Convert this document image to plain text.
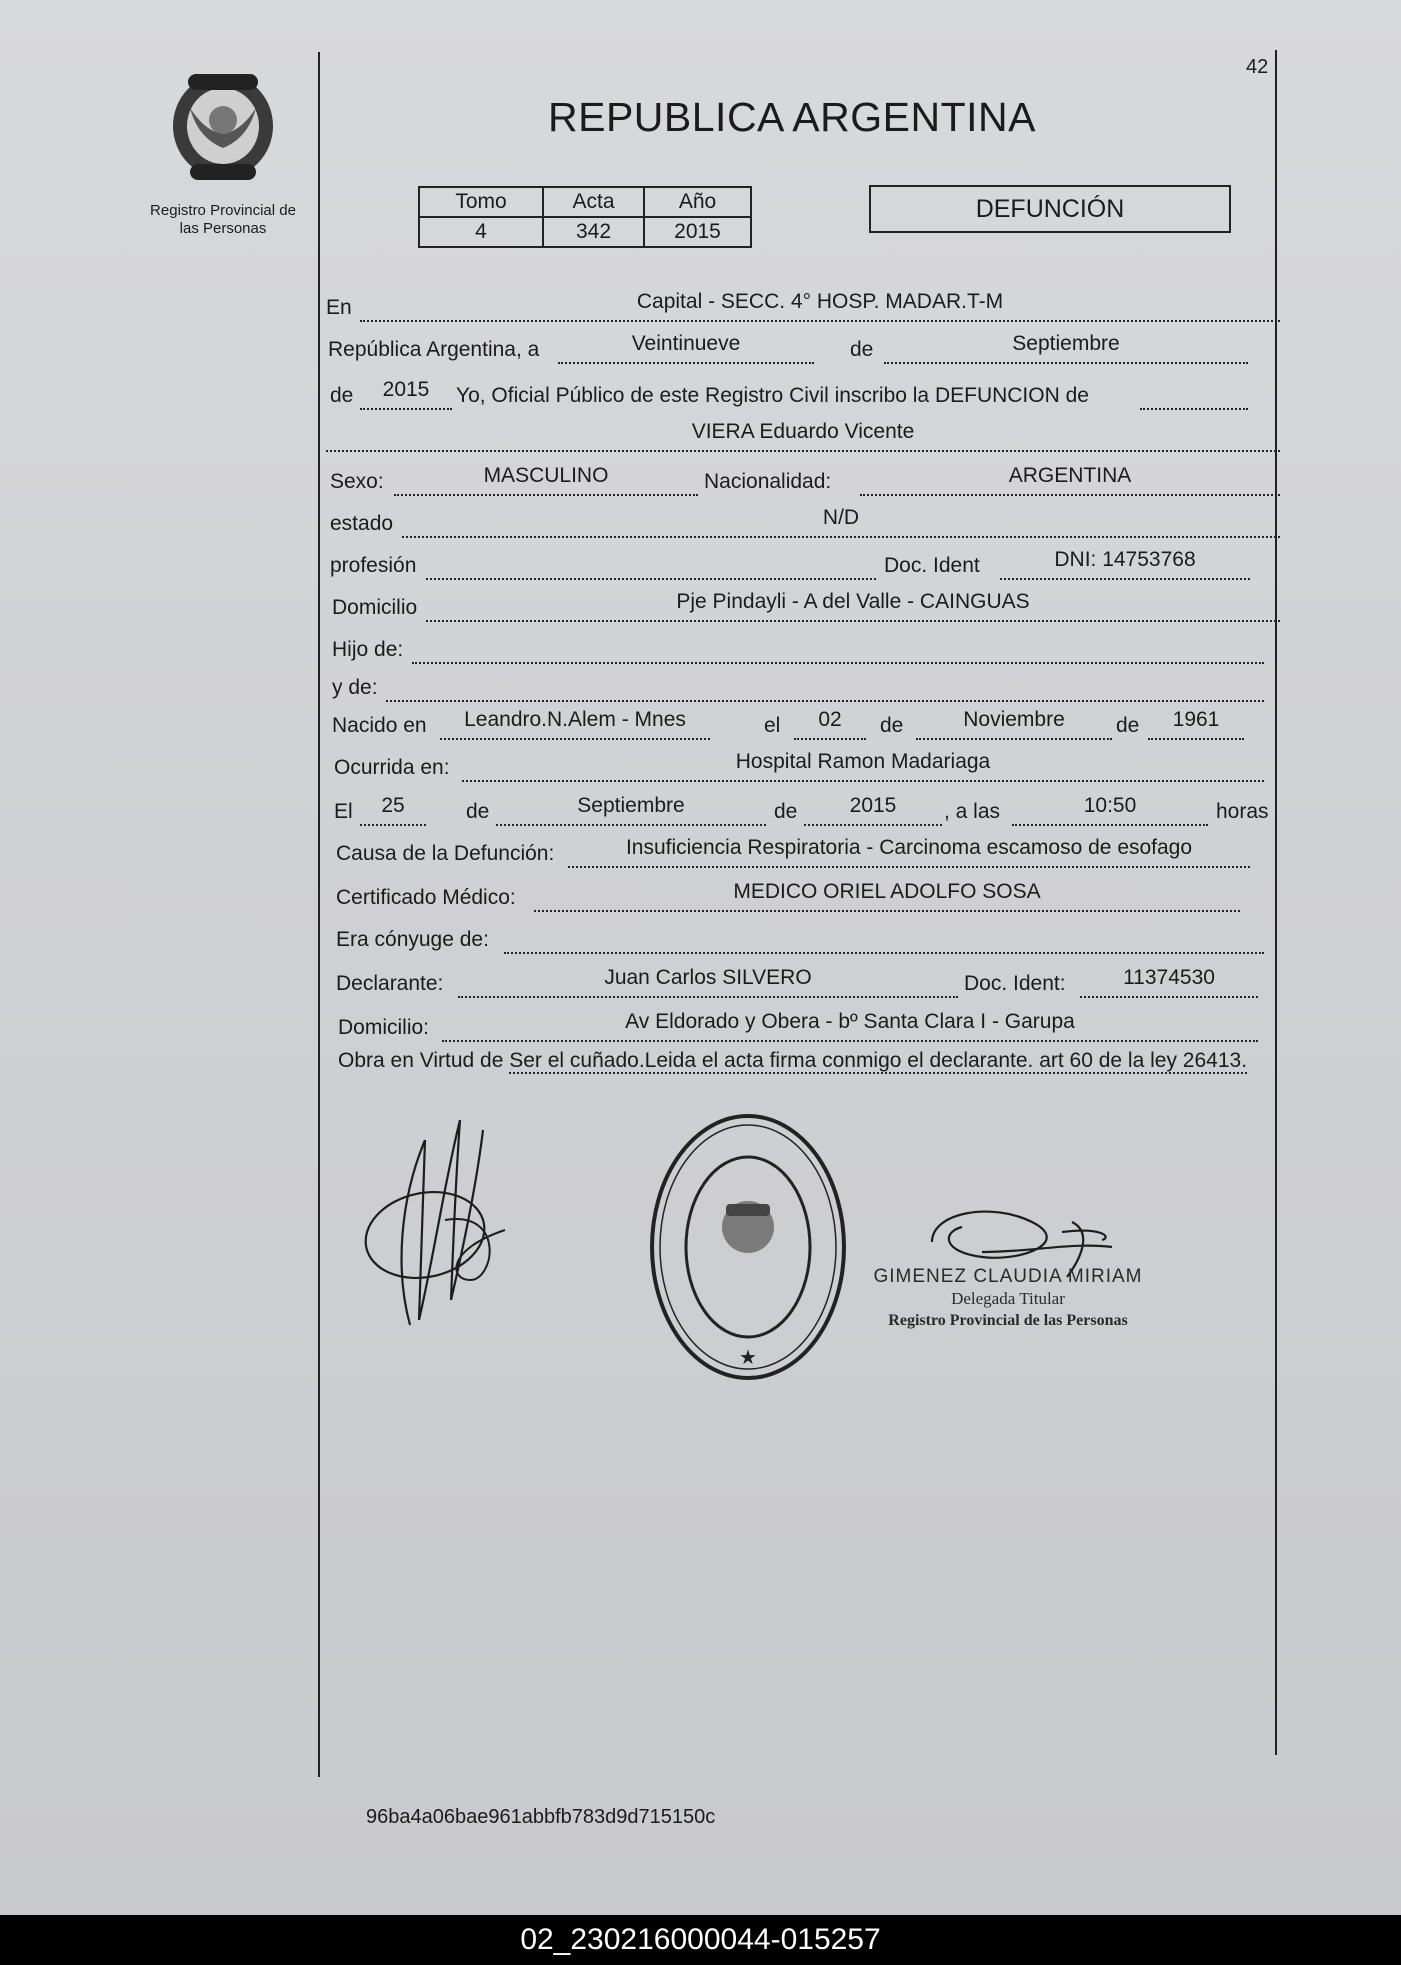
Registro Provincial de
las Personas
42
REPUBLICA ARGENTINA
Tomo	Acta	Año
4	342	2015
DEFUNCIÓN
En	Capital - SECC. 4° HOSP. MADAR.T-M
República Argentina, a	Veintinueve	de	Septiembre
de	2015	Yo, Oficial Público de este Registro Civil inscribo la DEFUNCION de
VIERA Eduardo Vicente
Sexo:	MASCULINO	Nacionalidad:	ARGENTINA
estado	N/D
profesión	Doc. Ident	DNI: 14753768
Domicilio	Pje Pindayli - A del Valle - CAINGUAS
Hijo de:
y de:
Nacido en	Leandro.N.Alem - Mnes	el	02	de	Noviembre	de	1961
Ocurrida en:	Hospital Ramon Madariaga
El	25	de	Septiembre	de	2015	, a las	10:50	horas
Causa de la Defunción:	Insuficiencia Respiratoria - Carcinoma escamoso de esofago
Certificado Médico:	MEDICO ORIEL ADOLFO SOSA
Era cónyuge de:
Declarante:	Juan Carlos SILVERO	Doc. Ident:	11374530
Domicilio:	Av Eldorado y Obera - bº Santa Clara I - Garupa
Obra en Virtud de Ser el cuñado.Leida el acta firma conmigo el declarante. art 60 de la ley 26413.
★
GIMENEZ CLAUDIA MIRIAM
Delegada Titular
Registro Provincial de las Personas
96ba4a06bae961abbfb783d9d715150c
02_230216000044-015257
